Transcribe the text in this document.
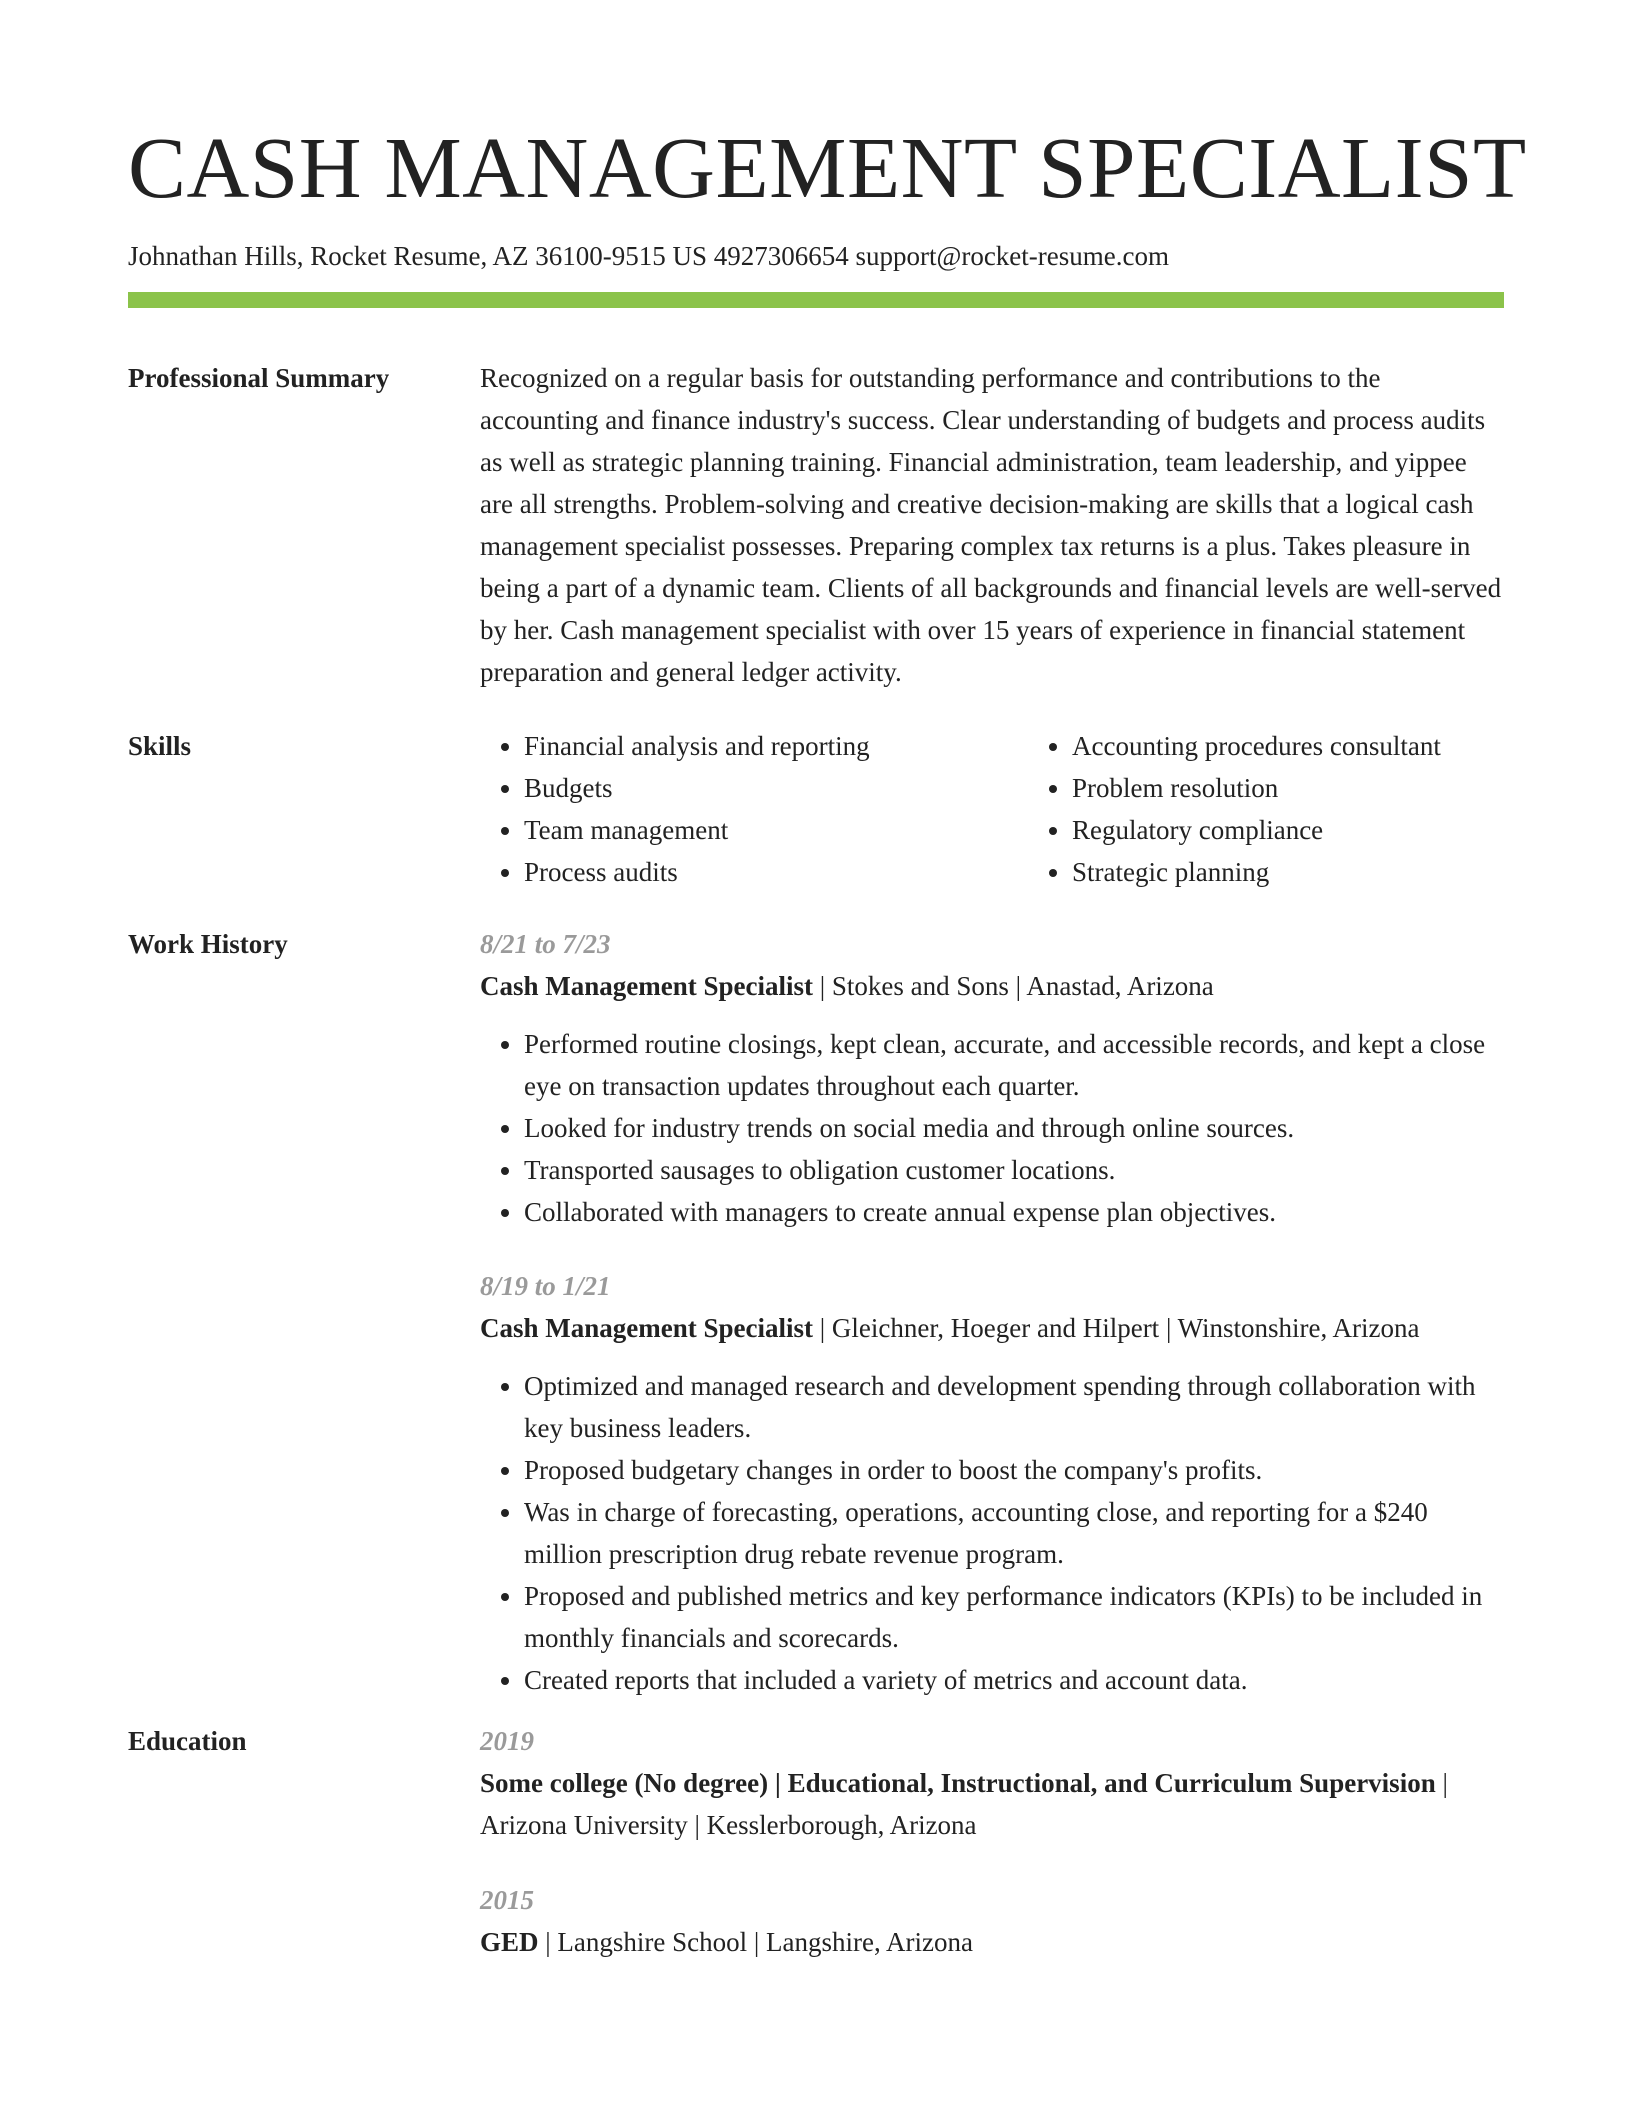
CASH MANAGEMENT SPECIALIST
Johnathan Hills, Rocket Resume, AZ 36100-9515 US 4927306654 support@rocket-resume.com
Professional Summary	Recognized on a regular basis for outstanding performance and contributions to the accounting and finance industry's success. Clear understanding of budgets and process audits as well as strategic planning training. Financial administration, team leadership, and yippee are all strengths. Problem-solving and creative decision-making are skills that a logical cash management specialist possesses. Preparing complex tax returns is a plus. Takes pleasure in being a part of a dynamic team. Clients of all backgrounds and financial levels are well-served by her. Cash management specialist with over 15 years of experience in financial statement preparation and general ledger activity.

Skills
•	Financial analysis and reporting
• Budgets
• Team management
• Process audits
• Accounting procedures consultant
• Problem resolution
• Regulatory compliance
• Strategic planning
Work History	8/21 to 7/23
Cash Management Specialist | Stokes and Sons | Anastad, Arizona
• Performed routine closings, kept clean, accurate, and accessible records, and kept a close eye on transaction updates throughout each quarter.
• Looked for industry trends on social media and through online sources.
• Transported sausages to obligation customer locations.
• Collaborated with managers to create annual expense plan objectives.
8/19 to 1/21
Cash Management Specialist | Gleichner, Hoeger and Hilpert | Winstonshire, Arizona
• Optimized and managed research and development spending through collaboration with key business leaders.
• Proposed budgetary changes in order to boost the company's profits.
• Was in charge of forecasting, operations, accounting close, and reporting for a $240 million prescription drug rebate revenue program.
• Proposed and published metrics and key performance indicators (KPIs) to be included in monthly financials and scorecards.
• Created reports that included a variety of metrics and account data.
Education	2019
Some college (No degree) | Educational, Instructional, and Curriculum Supervision | Arizona University | Kesslerborough, Arizona
2015
GED | Langshire School | Langshire, Arizona
